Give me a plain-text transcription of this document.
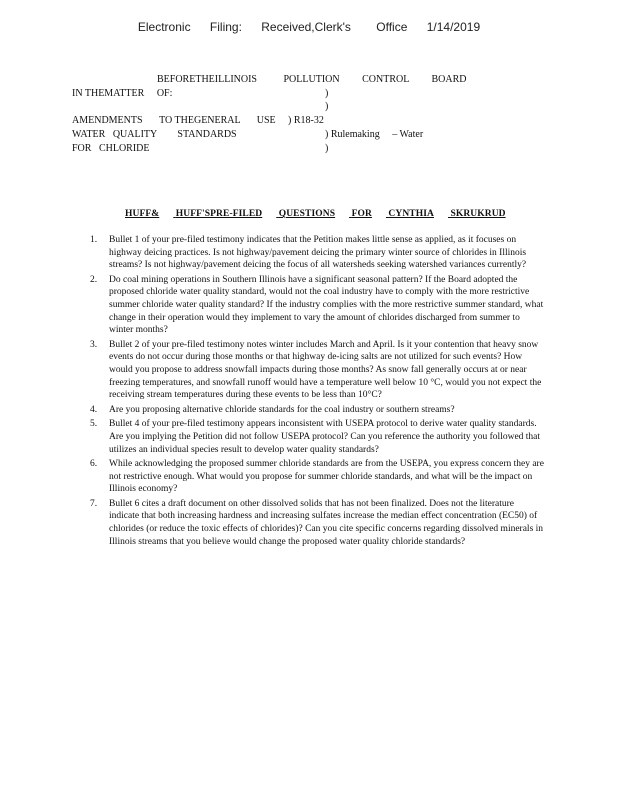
Electronic Filing: Received,Clerk's Office 1/14/2019
BEFORETHEILLINOIS	POLLUTION CONTROL BOARD
IN THEMATTER OF:	)
)
AMENDMENTS TO THEGENERAL USE ) R18-32
WATER   QUALITY STANDARDS	) Rulemaking – Water
FOR   CHLORIDE	)
HUFF& HUFF'SPRE-FILED QUESTIONS FOR CYNTHIA SKRUKRUD
1. Bullet 1 of your pre-filed testimony indicates that the Petition makes little sense as applied, as it focuses on highway deicing practices. Is not highway/pavement deicing the primary winter source of chlorides in Illinois streams? Is not highway/pavement deicing the focus of all watersheds seeking watershed variances currently?
2. Do coal mining operations in Southern Illinois have a significant seasonal pattern? If the Board adopted the proposed chloride water quality standard, would not the coal industry have to comply with the more restrictive summer chloride water quality standard? If the industry complies with the more restrictive summer standard, what change in their operation would they implement to vary the amount of chlorides discharged from summer to winter months?
3. Bullet 2 of your pre-filed testimony notes winter includes March and April. Is it your contention that heavy snow events do not occur during those months or that highway de-icing salts are not utilized for such events? How would you propose to address snowfall impacts during those months? As snow fall generally occurs at or near freezing temperatures, and snowfall runoff would have a temperature well below 10 °C, would you not expect the receiving stream temperatures during these events to be less than 10°C?
4. Are you proposing alternative chloride standards for the coal industry or southern streams?
5. Bullet 4 of your pre-filed testimony appears inconsistent with USEPA protocol to derive water quality standards. Are you implying the Petition did not follow USEPA protocol? Can you reference the authority you followed that utilizes an individual species result to develop water quality standards?
6. While acknowledging the proposed summer chloride standards are from the USEPA, you express concern they are not restrictive enough. What would you propose for summer chloride standards, and what will be the impact on Illinois economy?
7. Bullet 6 cites a draft document on other dissolved solids that has not been finalized. Does not the literature indicate that both increasing hardness and increasing sulfates increase the median effect concentration (EC50) of chlorides (or reduce the toxic effects of chlorides)? Can you cite specific concerns regarding dissolved minerals in Illinois streams that you believe would change the proposed water quality chloride standards?
